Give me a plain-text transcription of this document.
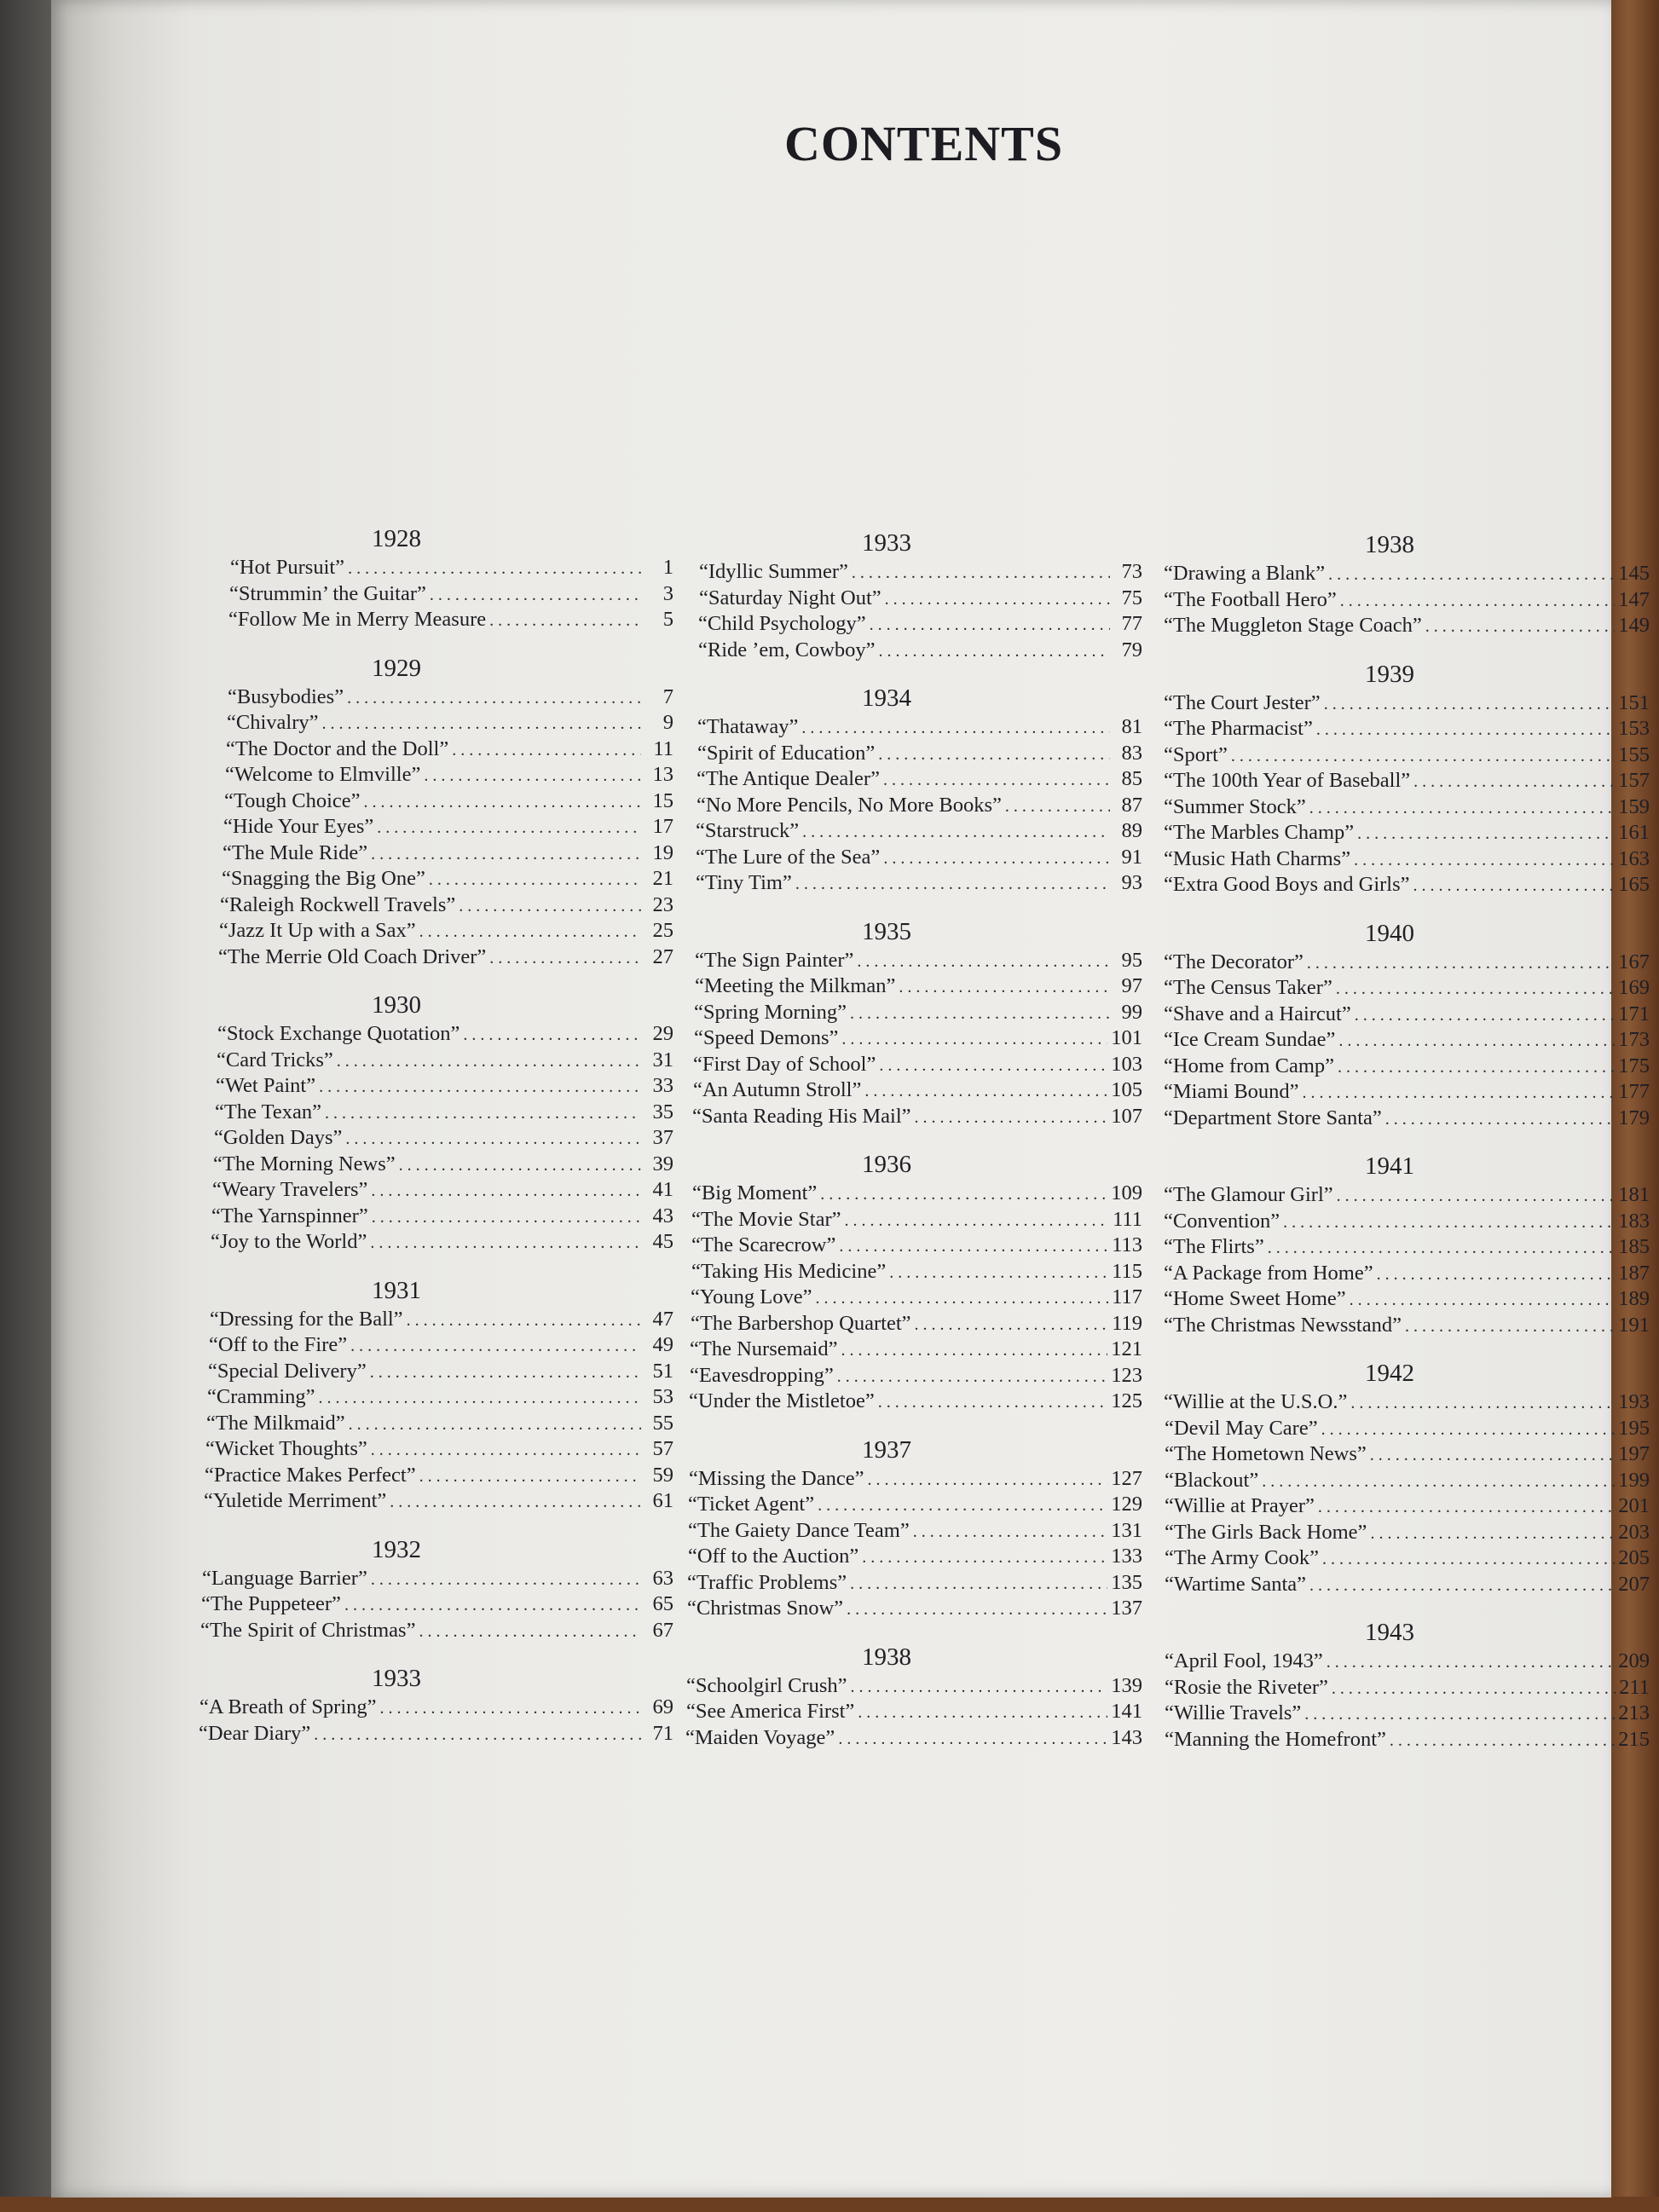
CONTENTS
1928
“Hot Pursuit” . . .	1
“Strummin’ the Guitar” . . .	3
“Follow Me in Merry Measure . . .	5
1929
“Busybodies” . . .	7
“Chivalry” . . .	9
“The Doctor and the Doll” . . .	11
“Welcome to Elmville” . . .	13
“Tough Choice” . . .	15
“Hide Your Eyes” . . .	17
“The Mule Ride” . . .	19
“Snagging the Big One” . . .	21
“Raleigh Rockwell Travels” . . .	23
“Jazz It Up with a Sax” . . .	25
“The Merrie Old Coach Driver” . . .	27
1930
“Stock Exchange Quotation” . . .	29
“Card Tricks” . . .	31
“Wet Paint” . . .	33
“The Texan” . . .	35
“Golden Days” . . .	37
“The Morning News” . . .	39
“Weary Travelers” . . .	41
“The Yarnspinner” . . .	43
“Joy to the World” . . .	45
1931
“Dressing for the Ball” . . .	47
“Off to the Fire” . . .	49
“Special Delivery” . . .	51
“Cramming” . . .	53
“The Milkmaid” . . .	55
“Wicket Thoughts” . . .	57
“Practice Makes Perfect” . . .	59
“Yuletide Merriment” . . .	61
1932
“Language Barrier” . . .	63
“The Puppeteer” . . .	65
“The Spirit of Christmas” . . .	67
1933
“A Breath of Spring” . . .	69
“Dear Diary” . . .	71
1933
“Idyllic Summer” . . .	73
“Saturday Night Out” . . .	75
“Child Psychology” . . .	77
“Ride ’em, Cowboy” . . .	79
1934
“Thataway” . . .	81
“Spirit of Education” . . .	83
“The Antique Dealer” . . .	85
“No More Pencils, No More Books” . . .	87
“Starstruck” . . .	89
“The Lure of the Sea” . . .	91
“Tiny Tim” . . .	93
1935
“The Sign Painter” . . .	95
“Meeting the Milkman” . . .	97
“Spring Morning” . . .	99
“Speed Demons” . . .	101
“First Day of School” . . .	103
“An Autumn Stroll” . . .	105
“Santa Reading His Mail” . . .	107
1936
“Big Moment” . . .	109
“The Movie Star” . . .	111
“The Scarecrow” . . .	113
“Taking His Medicine” . . .	115
“Young Love” . . .	117
“The Barbershop Quartet” . . .	119
“The Nursemaid” . . .	121
“Eavesdropping” . . .	123
“Under the Mistletoe” . . .	125
1937
“Missing the Dance” . . .	127
“Ticket Agent” . . .	129
“The Gaiety Dance Team” . . .	131
“Off to the Auction” . . .	133
“Traffic Problems” . . .	135
“Christmas Snow” . . .	137
1938
“Schoolgirl Crush” . . .	139
“See America First” . . .	141
“Maiden Voyage” . . .	143
1938
“Drawing a Blank” . . .	145
“The Football Hero” . . .	147
“The Muggleton Stage Coach” . . .	149
1939
“The Court Jester” . . .	151
“The Pharmacist” . . .	153
“Sport” . . .	155
“The 100th Year of Baseball” . . .	157
“Summer Stock” . . .	159
“The Marbles Champ” . . .	161
“Music Hath Charms” . . .	163
“Extra Good Boys and Girls” . . .	165
1940
“The Decorator” . . .	167
“The Census Taker” . . .	169
“Shave and a Haircut” . . .	171
“Ice Cream Sundae” . . .	173
“Home from Camp” . . .	175
“Miami Bound” . . .	177
“Department Store Santa” . . .	179
1941
“The Glamour Girl” . . .	181
“Convention” . . .	183
“The Flirts” . . .	185
“A Package from Home” . . .	187
“Home Sweet Home” . . .	189
“The Christmas Newsstand” . . .	191
1942
“Willie at the U.S.O.” . . .	193
“Devil May Care” . . .	195
“The Hometown News” . . .	197
“Blackout” . . .	199
“Willie at Prayer” . . .	201
“The Girls Back Home” . . .	203
“The Army Cook” . . .	205
“Wartime Santa” . . .	207
1943
“April Fool, 1943” . . .	209
“Rosie the Riveter” . . .	211
“Willie Travels” . . .	213
“Manning the Homefront” . . .	215
